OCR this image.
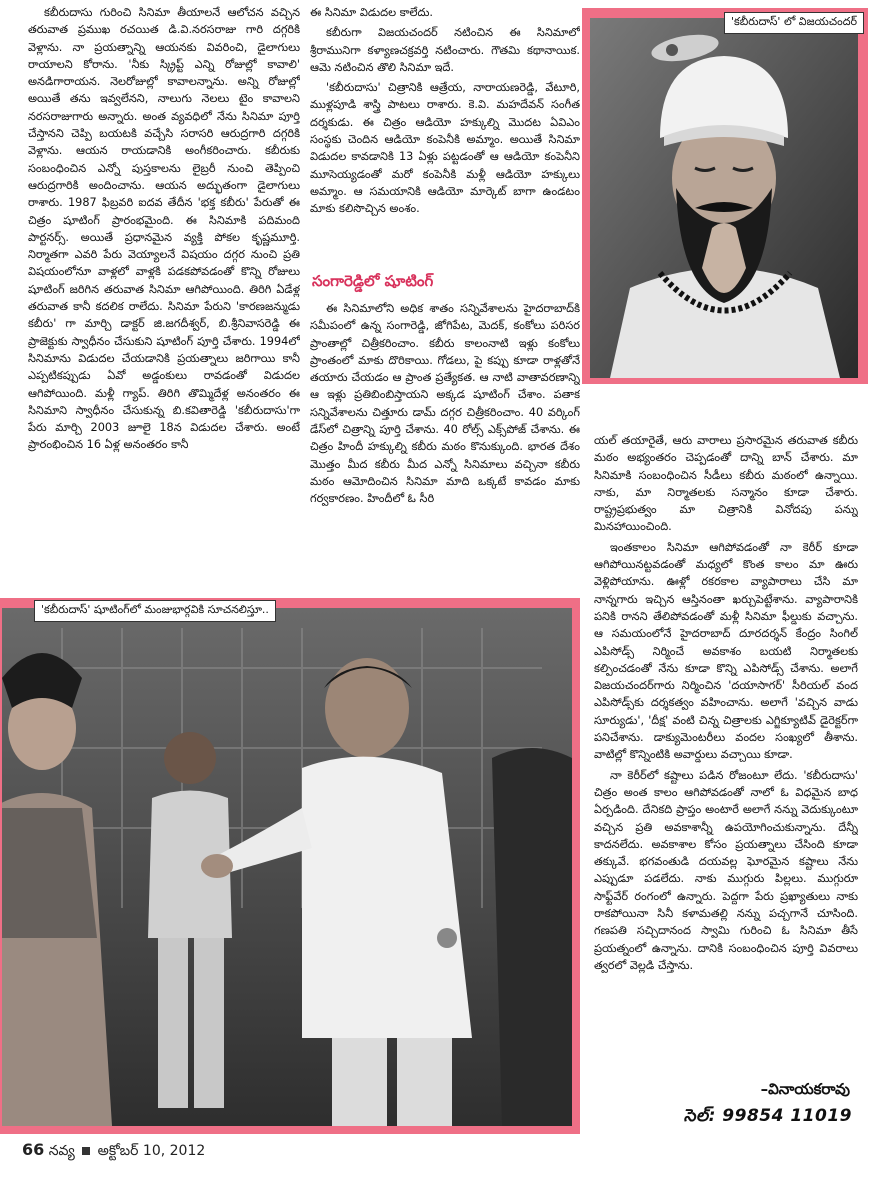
కబీరుదాసు గురించి సినిమా తీయాలనే ఆలోచన వచ్చిన తరువాత ప్రముఖ రచయిత డి.వి.నరసరాజు గారి దగ్గరికి వెళ్లాను. నా ప్రయత్నాన్ని ఆయనకు వివరించి, డైలాగులు రాయాలని కోరాను. 'నీకు స్క్రిప్ట్ ఎన్ని రోజుల్లో కావాలి' అనడిగారాయన. నెలరోజుల్లో కావాలన్నాను. అన్ని రోజుల్లో అయితే తను ఇవ్వలేనని, నాలుగు నెలలు టైం కావాలని నరసరాజుగారు అన్నారు. అంత వ్యవధిలో నేను సినిమా పూర్తి చేస్తానని చెప్పి బయటకి వచ్చేసి సరాసరి ఆరుద్రగారి దగ్గరికి వెళ్లాను. ఆయన రాయడానికి అంగీకరించారు. కబీరుకు సంబంధించిన ఎన్నో పుస్తకాలను లైబ్రరీ నుంచి తెప్పించి ఆరుద్రగారికి అందించాను. ఆయన అద్భుతంగా డైలాగులు రాశారు. 1987 ఫిబ్రవరి ఐదవ తేదీన 'భక్త కబీరు' పేరుతో ఈ చిత్రం షూటింగ్ ప్రారంభమైంది. ఈ సినిమాకి పదిమంది పార్టనర్స్. అయితే ప్రధానమైన వ్యక్తి పోకల కృష్ణమూర్తి. నిర్మాతగా ఎవరి పేరు వెయ్యాలనే విషయం దగ్గర నుంచి ప్రతి విషయంలోనూ వాళ్లలో వాళ్లకి పడకపోవడంతో కొన్ని రోజులు షూటింగ్ జరిగిన తరువాత సినిమా ఆగిపోయింది. తిరిగి ఏడేళ్ల తరువాత కానీ కదలిక రాలేదు. సినిమా పేరుని 'కారణజన్ముడు కబీరు' గా మార్చి డాక్టర్ జి.జగదీశ్వర్, బి.శ్రీనివాసరెడ్డి ఈ ప్రాజెక్టుకు స్వాధీనం చేసుకుని షూటింగ్ పూర్తి చేశారు. 1994లో సినిమాను విడుదల చేయడానికి ప్రయత్నాలు జరిగాయి కానీ ఎప్పటికప్పుడు ఏవో అడ్డంకులు రావడంతో విడుదల ఆగిపోయింది. మళ్లీ గ్యాప్. తిరిగి తొమ్మిదేళ్ల అనంతరం ఈ సినిమాని స్వాధీనం చేసుకున్న బి.కవితారెడ్డి 'కబీరుదాసు'గా పేరు మార్చి 2003 జూలై 18న విడుదల చేశారు. అంటే ప్రారంభించిన 16 ఏళ్ల అనంతరం కానీ

ఈ సినిమా విడుదల కాలేదు.

కబీరుగా విజయచందర్ నటించిన ఈ సినిమాలో శ్రీరామునిగా కళ్యాణచక్రవర్తి నటించారు. గౌతమి కథానాయిక. ఆమె నటించిన తొలి సినిమా ఇదే.

'కబీరుదాసు' చిత్రానికి ఆత్రేయ, నారాయణరెడ్డి, వేటూరి, ముళ్లపూడి శాస్త్రి పాటలు రాశారు. కె.వి. మహదేవన్ సంగీత దర్శకుడు. ఈ చిత్రం ఆడియో హక్కుల్ని మొదట ఏవిఎం సంస్థకు చెందిన ఆడియో కంపెనీకి అమ్మాం. అయితే సినిమా విడుదల కావడానికి 13 ఏళ్లు పట్టడంతో ఆ ఆడియో కంపెనీని మూసెయ్యడంతో మరో కంపెనీకి మళ్లీ ఆడియో హక్కులు అమ్మాం. ఆ సమయానికి ఆడియో మార్కెట్ బాగా ఉండటం మాకు కలిసొచ్చిన అంశం.

సంగారెడ్డిలో షూటింగ్

ఈ సినిమాలోని అధిక శాతం సన్నివేశాలను హైదరాబాద్‌కి సమీపంలో ఉన్న సంగారెడ్డి, జోగిపేట, మెదక్, కంకోలు పరిసర ప్రాంతాల్లో చిత్రీకరించాం. కబీరు కాలంనాటి ఇళ్లు కంకోలు ప్రాంతంలో మాకు దొరికాయి. గోడలు, పై కప్పు కూడా రాళ్లతోనే తయారు చేయడం ఆ ప్రాంత ప్రత్యేకత. ఆ నాటి వాతావరణాన్ని ఆ ఇళ్లు ప్రతిబింబిస్తాయని అక్కడ షూటింగ్ చేశాం. పతాక సన్నివేశాలను చిత్తూరు డామ్ దగ్గర చిత్రీకరించాం. 40 వర్కింగ్ డేస్‌లో చిత్రాన్ని పూర్తి చేశాను. 40 రోల్స్ ఎక్స్‌పోజ్ చేశాను. ఈ చిత్రం హిందీ హక్కుల్ని కబీరు మఠం కొనుక్కుంది. భారత దేశం మొత్తం మీద కబీరు మీద ఎన్నో సినిమాలు వచ్చినా కబీరు మఠం ఆమోదించిన సినిమా మాది ఒక్కటే కావడం మాకు గర్వకారణం. హిందీలో ఓ సీరి

'కబీరుదాస్' లో విజయచందర్

యల్ తయారైతే, ఆరు వారాలు ప్రసారమైన తరువాత కబీరు మఠం అభ్యంతరం చెప్పడంతో దాన్ని బాన్ చేశారు. మా సినిమాకి సంబంధించిన సీడీలు కబీరు మఠంలో ఉన్నాయి. నాకు, మా నిర్మాతలకు సన్మానం కూడా చేశారు. రాష్ట్రప్రభుత్వం మా చిత్రానికి వినోదపు పన్ను మినహాయించింది.

ఇంతకాలం సినిమా ఆగిపోవడంతో నా కెరీర్ కూడా ఆగిపోయినట్టవడంతో మధ్యలో కొంత కాలం మా ఊరు వెళ్లిపోయాను. ఊళ్లో రకరకాల వ్యాపారాలు చేసి మా నాన్నగారు ఇచ్చిన ఆస్తినంతా ఖర్చుపెట్టేశాను. వ్యాపారానికి పనికి రానని తేలిపోవడంతో మళ్లీ సినిమా ఫీల్డుకు వచ్చాను. ఆ సమయంలోనే హైదరాబాద్ దూరదర్శన్ కేంద్రం సింగిల్ ఎపిసోడ్స్ నిర్మించే అవకాశం బయటి నిర్మాతలకు కల్పించడంతో నేను కూడా కొన్ని ఎపిసోడ్స్ చేశాను. అలాగే విజయచందర్‌గారు నిర్మించిన 'దయాసాగర్' సీరియల్ వంద ఎపిసోడ్స్‌కు దర్శకత్వం వహించాను. అలాగే 'వచ్చిన వాడు సూర్యుడు', 'దీక్ష' వంటి చిన్న చిత్రాలకు ఎగ్జిక్యూటివ్ డైరెక్టర్‌గా పనిచేశాను. డాక్యుమెంటరీలు వందల సంఖ్యలో తీశాను. వాటిల్లో కొన్నింటికి అవార్డులు వచ్చాయి కూడా.

నా కెరీర్‌లో కష్టాలు పడిన రోజంటూ లేదు. 'కబీరుదాసు' చిత్రం అంత కాలం ఆగిపోవడంతో నాలో ఓ విధమైన బాధ ఏర్పడింది. దేనికది ప్రాప్తం అంటారే అలాగే నన్ను వెదుక్కుంటూ వచ్చిన ప్రతి అవకాశాన్నీ ఉపయోగించుకున్నాను. దేన్నీ కాదనలేదు. అవకాశాల కోసం ప్రయత్నాలు చేసింది కూడా తక్కువే. భగవంతుడి దయవల్ల ఘోరమైన కష్టాలు నేను ఎప్పుడూ పడలేదు. నాకు ముగ్గురు పిల్లలు. ముగ్గురూ సాఫ్ట్‌వేర్ రంగంలో ఉన్నారు. పెద్దగా పేరు ప్రఖ్యాతులు నాకు రాకపోయినా సినీ కళామతల్లి నన్ను పచ్చగానే చూసింది. గణపతి సచ్చిదానంద స్వామి గురించి ఓ సినిమా తీసే ప్రయత్నంలో ఉన్నాను. దానికి సంబంధించిన పూర్తి వివరాలు త్వరలో వెల్లడి చేస్తాను.

'కబీరుదాస్' షూటింగ్‌లో మంజుభార్గవికి సూచనలిస్తూ..
–వినాయకరావు
సెల్: 99854 11019
66 నవ్య అక్టోబర్ 10, 2012
